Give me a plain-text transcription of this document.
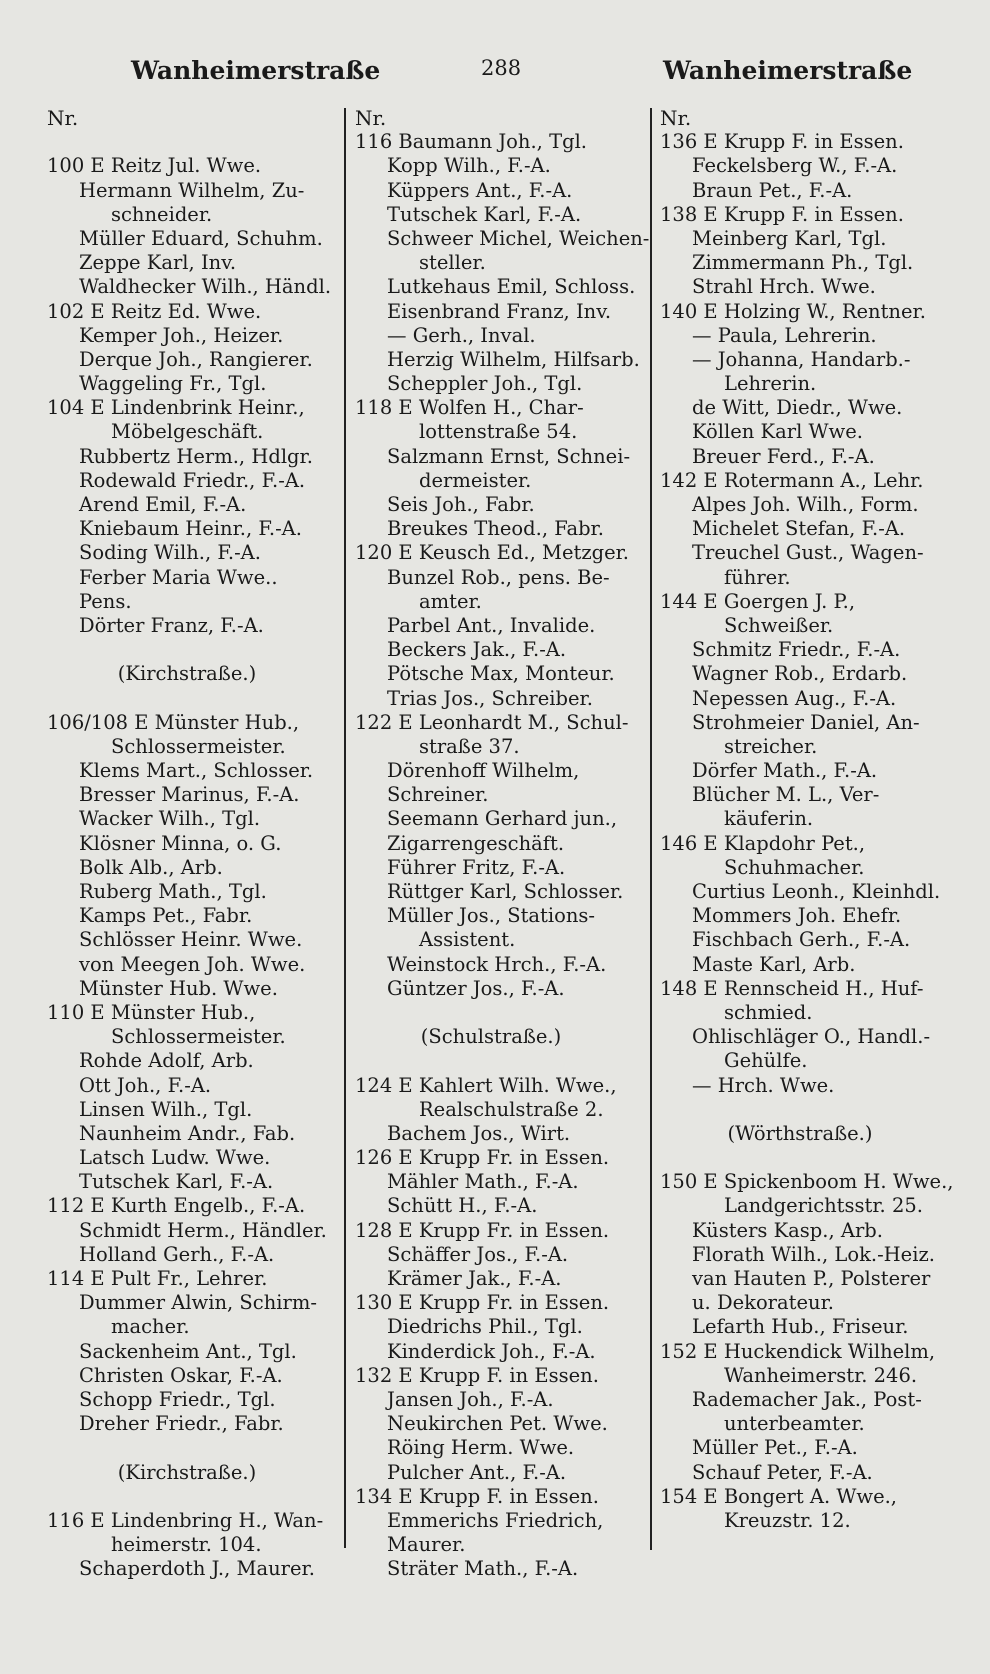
Wanheimerstraße	288	Wanheimerstraße
Nr.
100 E Reitz Jul. Wwe.
Hermann Wilhelm, Zu-
schneider.
Müller Eduard, Schuhm.
Zeppe Karl, Inv.
Waldhecker Wilh., Händl.
102 E Reitz Ed. Wwe.
Kemper Joh., Heizer.
Derque Joh., Rangierer.
Waggeling Fr., Tgl.
104 E Lindenbrink Heinr.,
Möbelgeschäft.
Rubbertz Herm., Hdlgr.
Rodewald Friedr., F.-A.
Arend Emil, F.-A.
Kniebaum Heinr., F.-A.
Soding Wilh., F.-A.
Ferber Maria Wwe..
Pens.
Dörter Franz, F.-A.
(Kirchstraße.)
106/108 E Münster Hub.,
Schlossermeister.
Klems Mart., Schlosser.
Bresser Marinus, F.-A.
Wacker Wilh., Tgl.
Klösner Minna, o. G.
Bolk Alb., Arb.
Ruberg Math., Tgl.
Kamps Pet., Fabr.
Schlösser Heinr. Wwe.
von Meegen Joh. Wwe.
Münster Hub. Wwe.
110 E Münster Hub.,
Schlossermeister.
Rohde Adolf, Arb.
Ott Joh., F.-A.
Linsen Wilh., Tgl.
Naunheim Andr., Fab.
Latsch Ludw. Wwe.
Tutschek Karl, F.-A.
112 E Kurth Engelb., F.-A.
Schmidt Herm., Händler.
Holland Gerh., F.-A.
114 E Pult Fr., Lehrer.
Dummer Alwin, Schirm-
macher.
Sackenheim Ant., Tgl.
Christen Oskar, F.-A.
Schopp Friedr., Tgl.
Dreher Friedr., Fabr.
(Kirchstraße.)
116 E Lindenbring H., Wan-
heimerstr. 104.
Schaperdoth J., Maurer.
Nr.
116 Baumann Joh., Tgl.
Kopp Wilh., F.-A.
Küppers Ant., F.-A.
Tutschek Karl, F.-A.
Schweer Michel, Weichen-
steller.
Lutkehaus Emil, Schloss.
Eisenbrand Franz, Inv.
— Gerh., Inval.
Herzig Wilhelm, Hilfsarb.
Scheppler Joh., Tgl.
118 E Wolfen H., Char-
lottenstraße 54.
Salzmann Ernst, Schnei-
dermeister.
Seis Joh., Fabr.
Breukes Theod., Fabr.
120 E Keusch Ed., Metzger.
Bunzel Rob., pens. Be-
amter.
Parbel Ant., Invalide.
Beckers Jak., F.-A.
Pötsche Max, Monteur.
Trias Jos., Schreiber.
122 E Leonhardt M., Schul-
straße 37.
Dörenhoff Wilhelm,
Schreiner.
Seemann Gerhard jun.,
Zigarrengeschäft.
Führer Fritz, F.-A.
Rüttger Karl, Schlosser.
Müller Jos., Stations-
Assistent.
Weinstock Hrch., F.-A.
Güntzer Jos., F.-A.
(Schulstraße.)
124 E Kahlert Wilh. Wwe.,
Realschulstraße 2.
Bachem Jos., Wirt.
126 E Krupp Fr. in Essen.
Mähler Math., F.-A.
Schütt H., F.-A.
128 E Krupp Fr. in Essen.
Schäffer Jos., F.-A.
Krämer Jak., F.-A.
130 E Krupp Fr. in Essen.
Diedrichs Phil., Tgl.
Kinderdick Joh., F.-A.
132 E Krupp F. in Essen.
Jansen Joh., F.-A.
Neukirchen Pet. Wwe.
Röing Herm. Wwe.
Pulcher Ant., F.-A.
134 E Krupp F. in Essen.
Emmerichs Friedrich,
Maurer.
Sträter Math., F.-A.
Nr.
136 E Krupp F. in Essen.
Feckelsberg W., F.-A.
Braun Pet., F.-A.
138 E Krupp F. in Essen.
Meinberg Karl, Tgl.
Zimmermann Ph., Tgl.
Strahl Hrch. Wwe.
140 E Holzing W., Rentner.
— Paula, Lehrerin.
— Johanna, Handarb.-
Lehrerin.
de Witt, Diedr., Wwe.
Köllen Karl Wwe.
Breuer Ferd., F.-A.
142 E Rotermann A., Lehr.
Alpes Joh. Wilh., Form.
Michelet Stefan, F.-A.
Treuchel Gust., Wagen-
führer.
144 E Goergen J. P.,
Schweißer.
Schmitz Friedr., F.-A.
Wagner Rob., Erdarb.
Nepessen Aug., F.-A.
Strohmeier Daniel, An-
streicher.
Dörfer Math., F.-A.
Blücher M. L., Ver-
käuferin.
146 E Klapdohr Pet.,
Schuhmacher.
Curtius Leonh., Kleinhdl.
Mommers Joh. Ehefr.
Fischbach Gerh., F.-A.
Maste Karl, Arb.
148 E Rennscheid H., Huf-
schmied.
Ohlischläger O., Handl.-
Gehülfe.
— Hrch. Wwe.
(Wörthstraße.)
150 E Spickenboom H. Wwe.,
Landgerichtsstr. 25.
Küsters Kasp., Arb.
Florath Wilh., Lok.-Heiz.
van Hauten P., Polsterer
u. Dekorateur.
Lefarth Hub., Friseur.
152 E Huckendick Wilhelm,
Wanheimerstr. 246.
Rademacher Jak., Post-
unterbeamter.
Müller Pet., F.-A.
Schauf Peter, F.-A.
154 E Bongert A. Wwe.,
Kreuzstr. 12.
